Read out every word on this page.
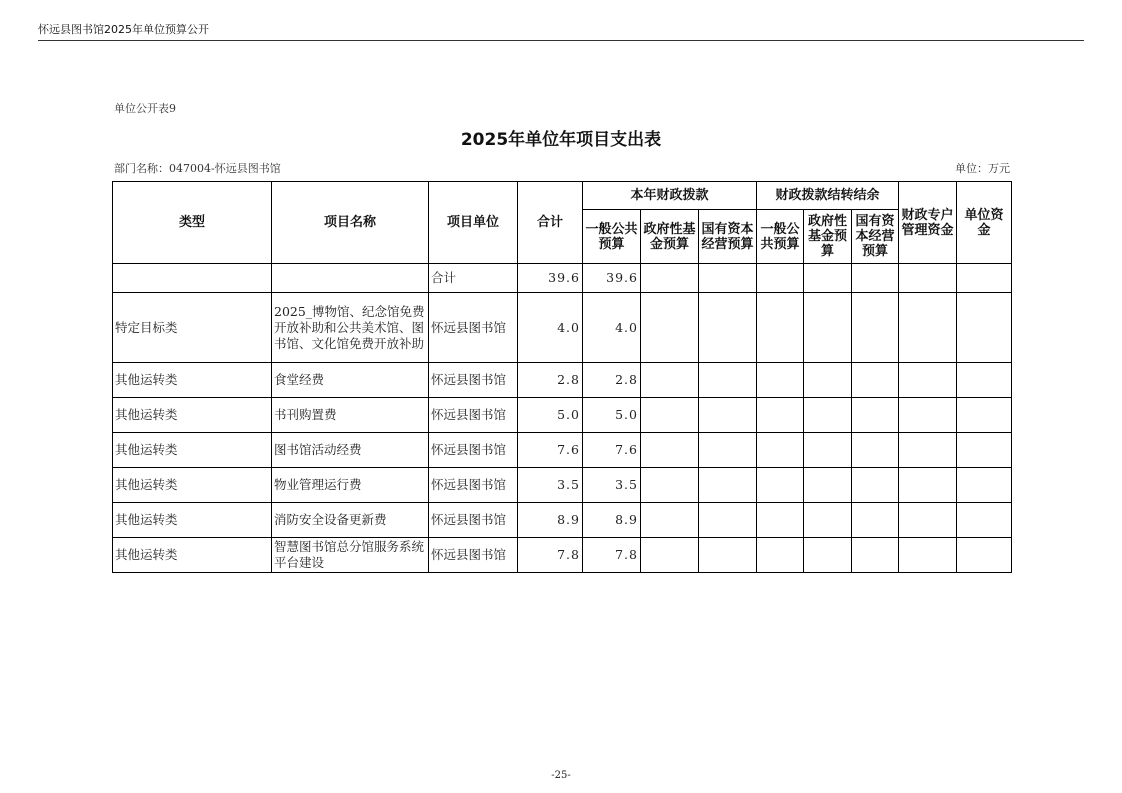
怀远县图书馆2025年单位预算公开
单位公开表9
2025年单位年项目支出表
部门名称：047004-怀远县图书馆	单位：万元
类型	项目名称	项目单位	合计	本年财政拨款			财政拨款结转结余			财政专户管理资金	单位资金
				一般公共预算	政府性基金预算	国有资本经营预算	一般公共预算	政府性基金预算	国有资本经营预算		
		合计	39.6	39.6							
特定目标类	2025_博物馆、纪念馆免费开放补助和公共美术馆、图书馆、文化馆免费开放补助	怀远县图书馆	4.0	4.0							
其他运转类	食堂经费	怀远县图书馆	2.8	2.8							
其他运转类	书刊购置费	怀远县图书馆	5.0	5.0							
其他运转类	图书馆活动经费	怀远县图书馆	7.6	7.6							
其他运转类	物业管理运行费	怀远县图书馆	3.5	3.5							
其他运转类	消防安全设备更新费	怀远县图书馆	8.9	8.9							
其他运转类	智慧图书馆总分馆服务系统平台建设	怀远县图书馆	7.8	7.8							
-25-
